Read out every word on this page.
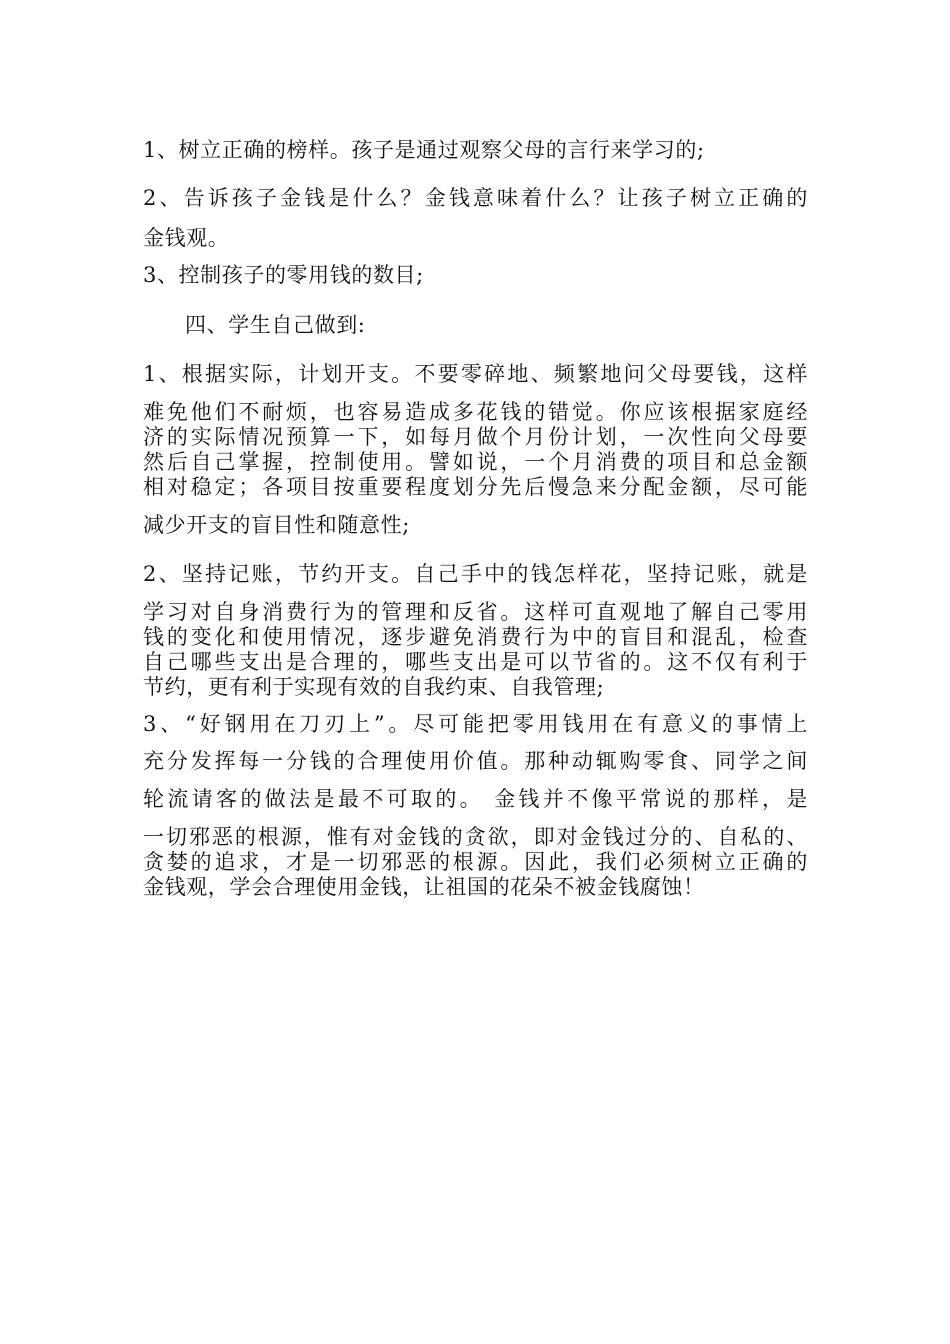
1、树立正确的榜样。孩子是通过观察父母的言行来学习的;
2、告诉孩子金钱是什么？金钱意味着什么？让孩子树立正确的
金钱观。
3、控制孩子的零用钱的数目;
四、学生自己做到:
1、根据实际，计划开支。不要零碎地、频繁地问父母要钱，这样
难免他们不耐烦，也容易造成多花钱的错觉。你应该根据家庭经
济的实际情况预算一下，如每月做个月份计划，一次性向父母要
然后自己掌握，控制使用。譬如说，一个月消费的项目和总金额
相对稳定；各项目按重要程度划分先后慢急来分配金额，尽可能
减少开支的盲目性和随意性;
2、坚持记账，节约开支。自己手中的钱怎样花，坚持记账，就是
学习对自身消费行为的管理和反省。这样可直观地了解自己零用
钱的变化和使用情况，逐步避免消费行为中的盲目和混乱，检查
自己哪些支出是合理的，哪些支出是可以节省的。这不仅有利于
节约，更有利于实现有效的自我约束、自我管理;
3、“好钢用在刀刃上”。尽可能把零用钱用在有意义的事情上
充分发挥每一分钱的合理使用价值。那种动辄购零食、同学之间
轮流请客的做法是最不可取的。 金钱并不像平常说的那样，是
一切邪恶的根源，惟有对金钱的贪欲，即对金钱过分的、自私的、
贪婪的追求，才是一切邪恶的根源。因此，我们必须树立正确的
金钱观，学会合理使用金钱，让祖国的花朵不被金钱腐蚀！
